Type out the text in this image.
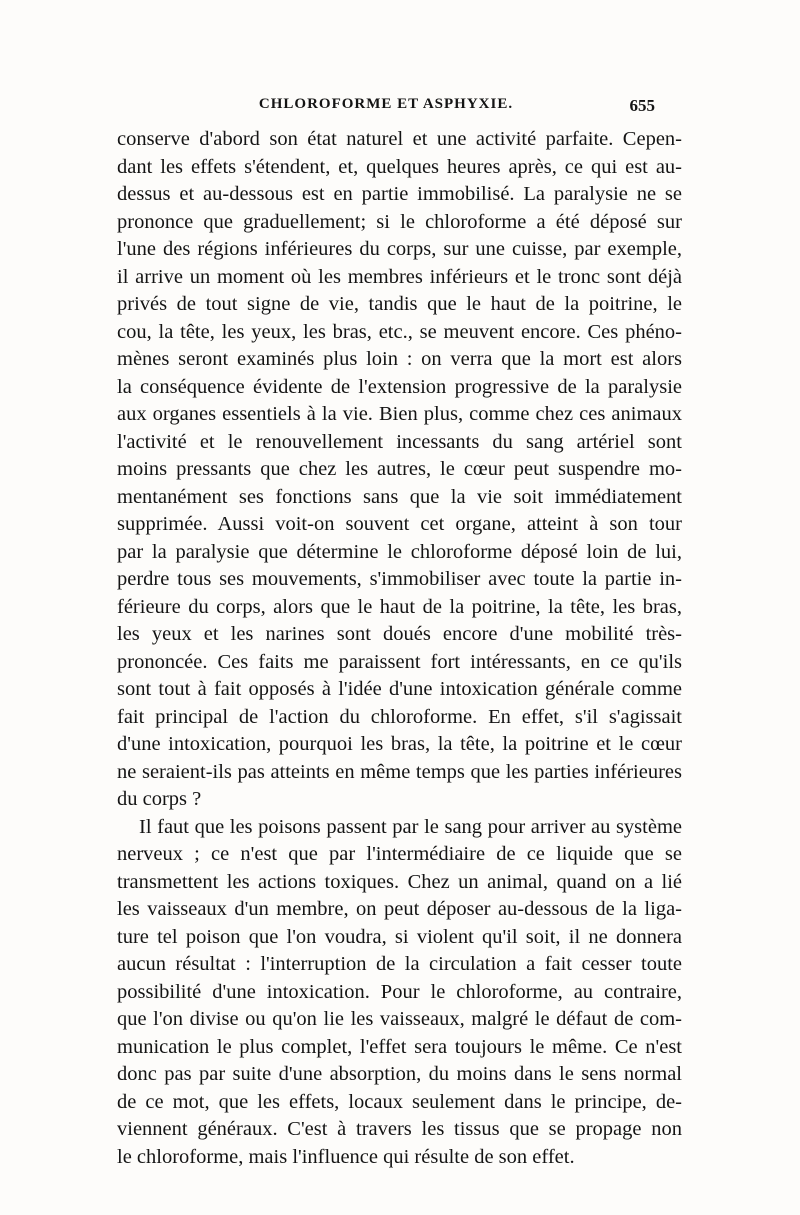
CHLOROFORME ET ASPHYXIE.	655
conserve d'abord son état naturel et une activité parfaite. Cepen-
dant les effets s'étendent, et, quelques heures après, ce qui est au-
dessus et au-dessous est en partie immobilisé. La paralysie ne se
prononce que graduellement; si le chloroforme a été déposé sur
l'une des régions inférieures du corps, sur une cuisse, par exemple,
il arrive un moment où les membres inférieurs et le tronc sont déjà
privés de tout signe de vie, tandis que le haut de la poitrine, le
cou, la tête, les yeux, les bras, etc., se meuvent encore. Ces phéno-
mènes seront examinés plus loin : on verra que la mort est alors
la conséquence évidente de l'extension progressive de la paralysie
aux organes essentiels à la vie. Bien plus, comme chez ces animaux
l'activité et le renouvellement incessants du sang artériel sont
moins pressants que chez les autres, le cœur peut suspendre mo-
mentanément ses fonctions sans que la vie soit immédiatement
supprimée. Aussi voit-on souvent cet organe, atteint à son tour
par la paralysie que détermine le chloroforme déposé loin de lui,
perdre tous ses mouvements, s'immobiliser avec toute la partie in-
férieure du corps, alors que le haut de la poitrine, la tête, les bras,
les yeux et les narines sont doués encore d'une mobilité très-
prononcée. Ces faits me paraissent fort intéressants, en ce qu'ils
sont tout à fait opposés à l'idée d'une intoxication générale comme
fait principal de l'action du chloroforme. En effet, s'il s'agissait
d'une intoxication, pourquoi les bras, la tête, la poitrine et le cœur
ne seraient-ils pas atteints en même temps que les parties inférieures
du corps ?
Il faut que les poisons passent par le sang pour arriver au système
nerveux ; ce n'est que par l'intermédiaire de ce liquide que se
transmettent les actions toxiques. Chez un animal, quand on a lié
les vaisseaux d'un membre, on peut déposer au-dessous de la liga-
ture tel poison que l'on voudra, si violent qu'il soit, il ne donnera
aucun résultat : l'interruption de la circulation a fait cesser toute
possibilité d'une intoxication. Pour le chloroforme, au contraire,
que l'on divise ou qu'on lie les vaisseaux, malgré le défaut de com-
munication le plus complet, l'effet sera toujours le même. Ce n'est
donc pas par suite d'une absorption, du moins dans le sens normal
de ce mot, que les effets, locaux seulement dans le principe, de-
viennent généraux. C'est à travers les tissus que se propage non
le chloroforme, mais l'influence qui résulte de son effet.
